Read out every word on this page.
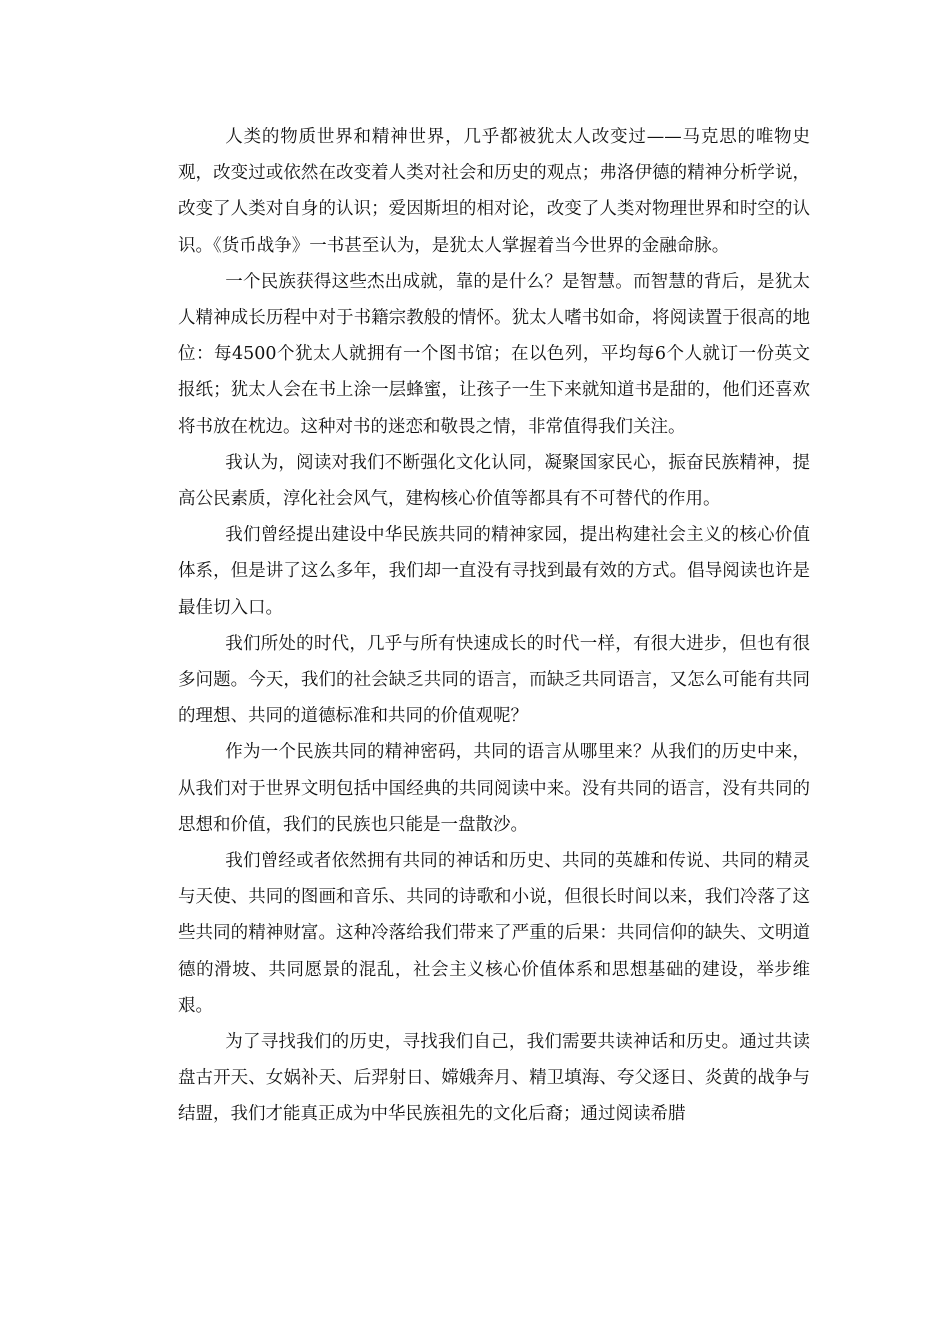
人类的物质世界和精神世界，几乎都被犹太人改变过——马克思的唯物史观，改变过或依然在改变着人类对社会和历史的观点；弗洛伊德的精神分析学说，改变了人类对自身的认识；爱因斯坦的相对论，改变了人类对物理世界和时空的认识。《货币战争》一书甚至认为，是犹太人掌握着当今世界的金融命脉。

一个民族获得这些杰出成就，靠的是什么？是智慧。而智慧的背后，是犹太人精神成长历程中对于书籍宗教般的情怀。犹太人嗜书如命，将阅读置于很高的地位：每4500个犹太人就拥有一个图书馆；在以色列，平均每6个人就订一份英文报纸；犹太人会在书上涂一层蜂蜜，让孩子一生下来就知道书是甜的，他们还喜欢将书放在枕边。这种对书的迷恋和敬畏之情，非常值得我们关注。

我认为，阅读对我们不断强化文化认同，凝聚国家民心，振奋民族精神，提高公民素质，淳化社会风气，建构核心价值等都具有不可替代的作用。

我们曾经提出建设中华民族共同的精神家园，提出构建社会主义的核心价值体系，但是讲了这么多年，我们却一直没有寻找到最有效的方式。倡导阅读也许是最佳切入口。

我们所处的时代，几乎与所有快速成长的时代一样，有很大进步，但也有很多问题。今天，我们的社会缺乏共同的语言，而缺乏共同语言，又怎么可能有共同的理想、共同的道德标准和共同的价值观呢？

作为一个民族共同的精神密码，共同的语言从哪里来？从我们的历史中来，从我们对于世界文明包括中国经典的共同阅读中来。没有共同的语言，没有共同的思想和价值，我们的民族也只能是一盘散沙。

我们曾经或者依然拥有共同的神话和历史、共同的英雄和传说、共同的精灵与天使、共同的图画和音乐、共同的诗歌和小说，但很长时间以来，我们冷落了这些共同的精神财富。这种冷落给我们带来了严重的后果：共同信仰的缺失、文明道德的滑坡、共同愿景的混乱，社会主义核心价值体系和思想基础的建设，举步维艰。

为了寻找我们的历史，寻找我们自己，我们需要共读神话和历史。通过共读盘古开天、女娲补天、后羿射日、嫦娥奔月、精卫填海、夸父逐日、炎黄的战争与结盟，我们才能真正成为中华民族祖先的文化后裔；通过阅读希腊
